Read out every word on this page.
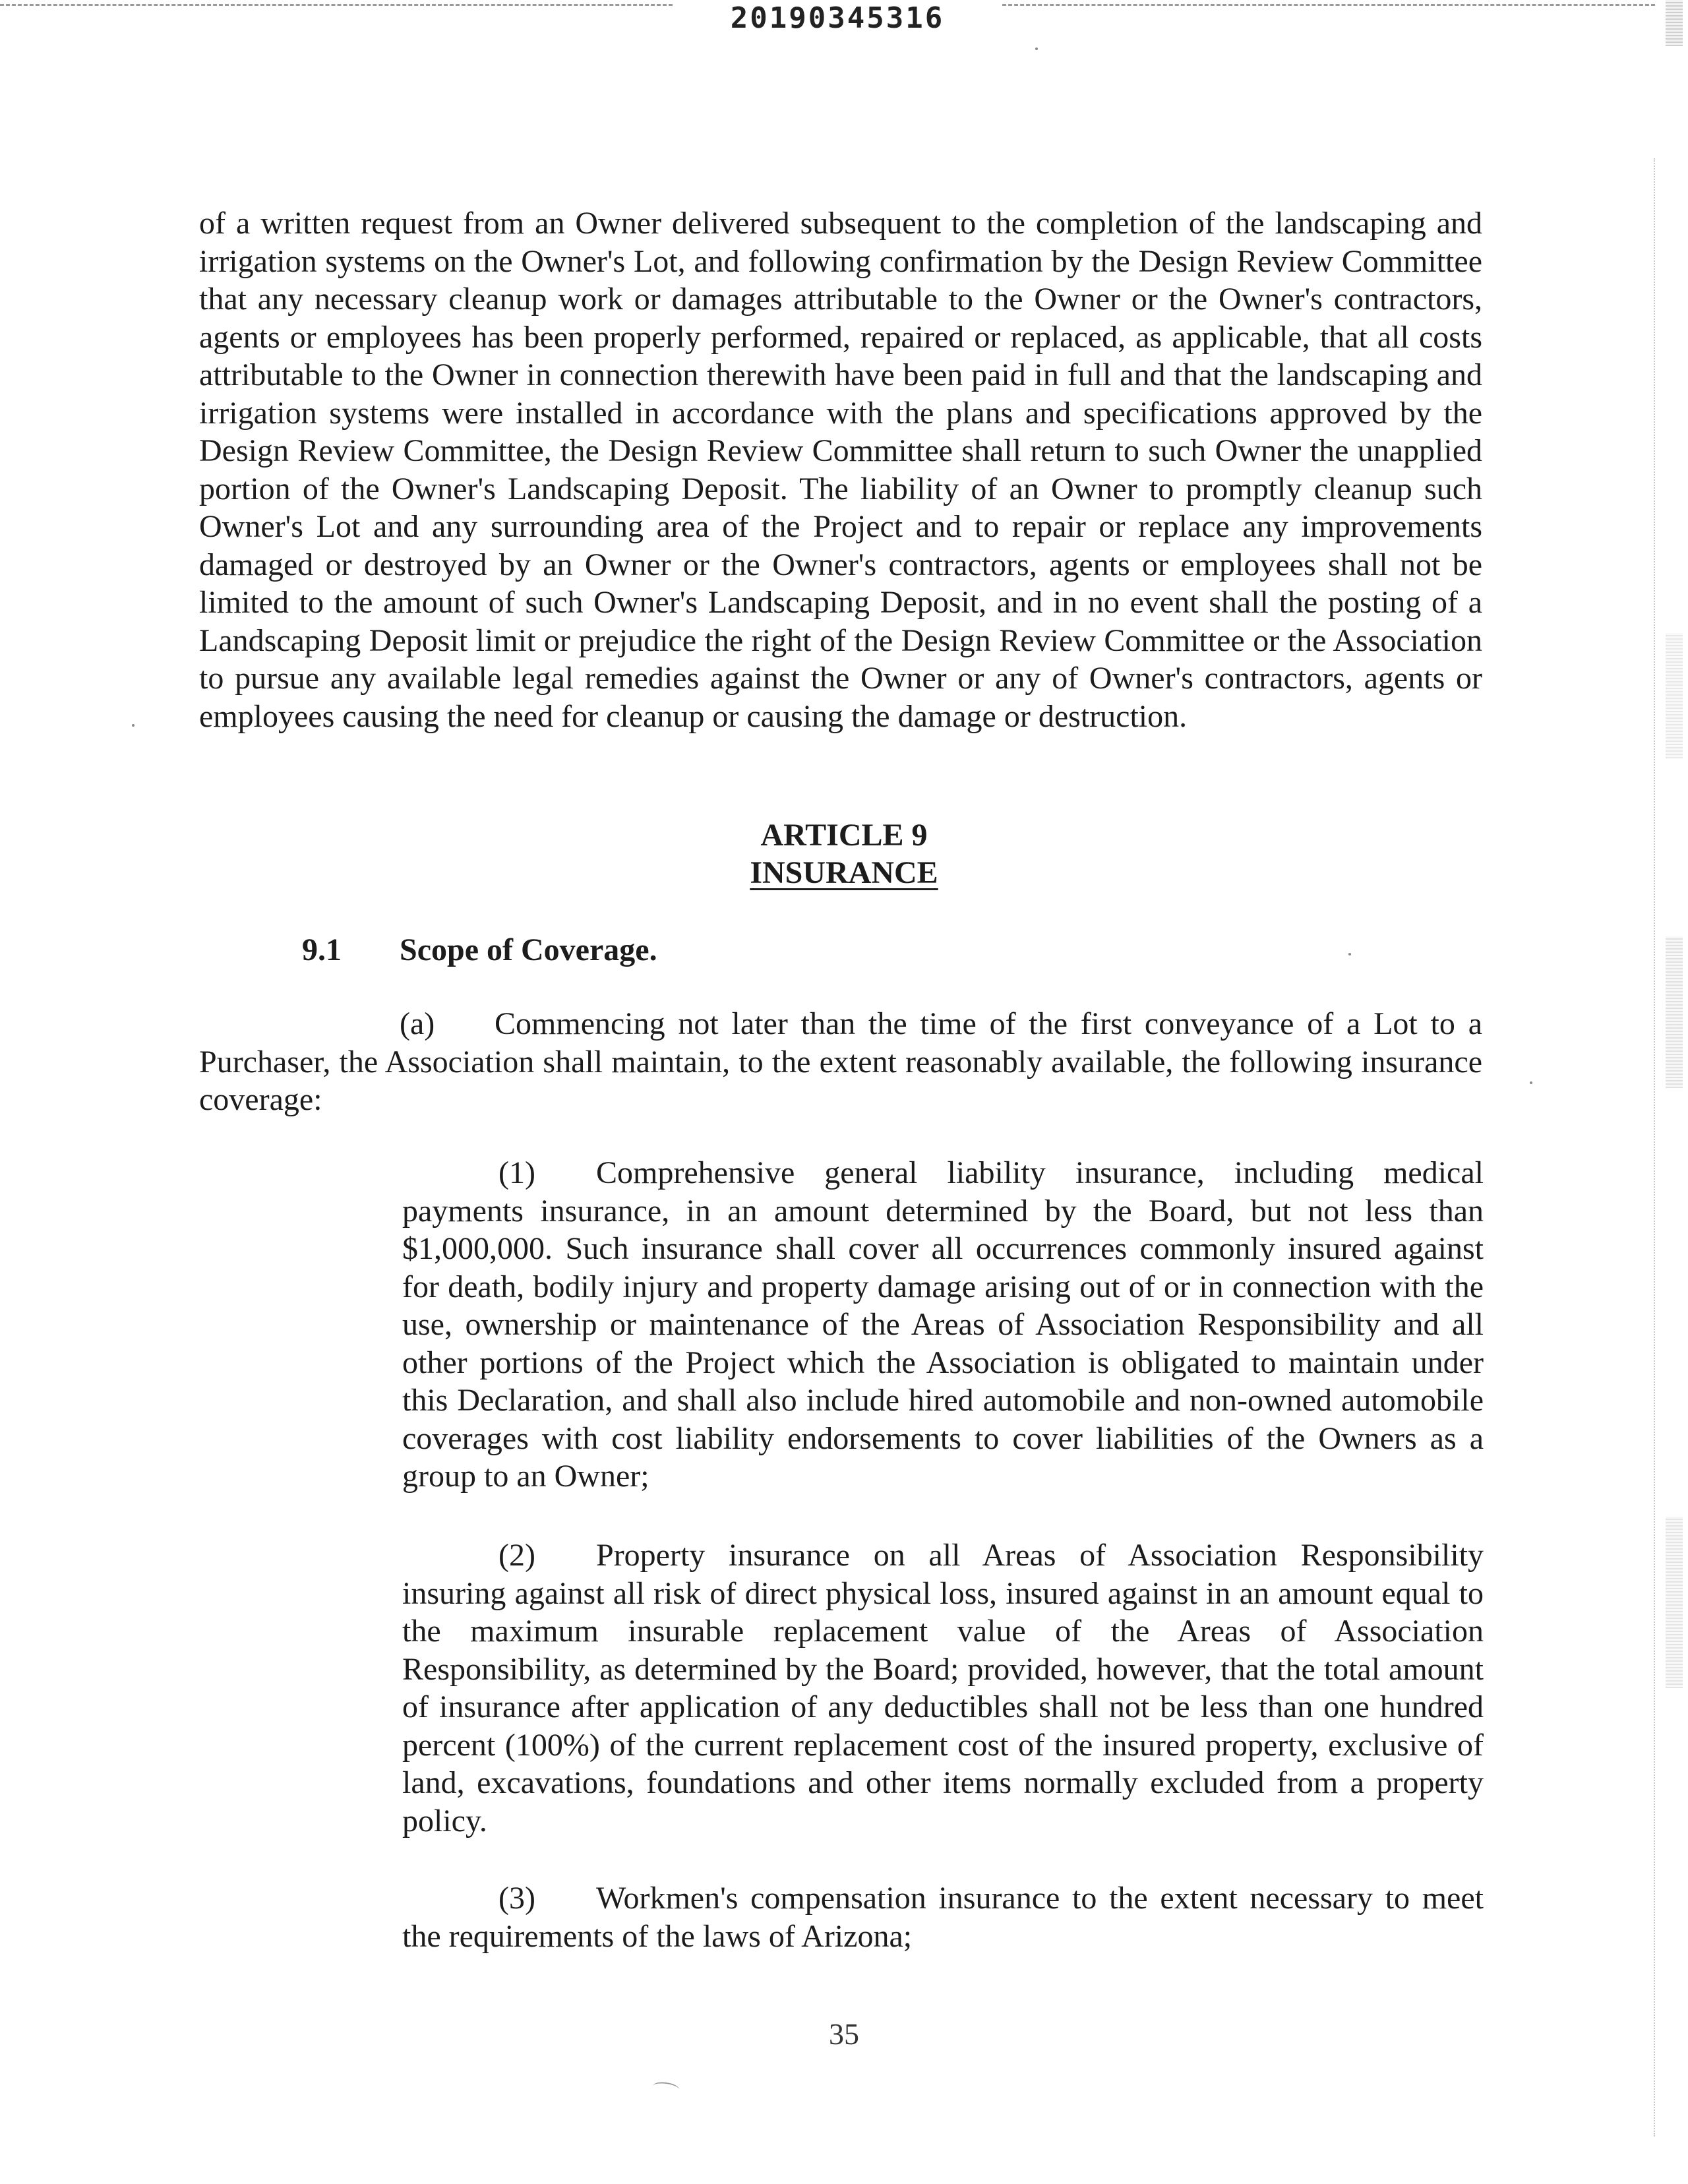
20190345316

of a written request from an Owner delivered subsequent to the completion of the landscaping and irrigation systems on the Owner's Lot, and following confirmation by the Design Review Committee that any necessary cleanup work or damages attributable to the Owner or the Owner's contractors, agents or employees has been properly performed, repaired or replaced, as applicable, that all costs attributable to the Owner in connection therewith have been paid in full and that the landscaping and irrigation systems were installed in accordance with the plans and specifications approved by the Design Review Committee, the Design Review Committee shall return to such Owner the unapplied portion of the Owner's Landscaping Deposit. The liability of an Owner to promptly cleanup such Owner's Lot and any surrounding area of the Project and to repair or replace any improvements damaged or destroyed by an Owner or the Owner's contractors, agents or employees shall not be limited to the amount of such Owner's Landscaping Deposit, and in no event shall the posting of a Landscaping Deposit limit or prejudice the right of the Design Review Committee or the Association to pursue any available legal remedies against the Owner or any of Owner's contractors, agents or employees causing the need for cleanup or causing the damage or destruction.

ARTICLE 9
INSURANCE
9.1 Scope of Coverage.

(a) Commencing not later than the time of the first conveyance of a Lot to a Purchaser, the Association shall maintain, to the extent reasonably available, the following insurance coverage:

(1) Comprehensive general liability insurance, including medical payments insurance, in an amount determined by the Board, but not less than $1,000,000. Such insurance shall cover all occurrences commonly insured against for death, bodily injury and property damage arising out of or in connection with the use, ownership or maintenance of the Areas of Association Responsibility and all other portions of the Project which the Association is obligated to maintain under this Declaration, and shall also include hired automobile and non-owned automobile coverages with cost liability endorsements to cover liabilities of the Owners as a group to an Owner;

(2) Property insurance on all Areas of Association Responsibility insuring against all risk of direct physical loss, insured against in an amount equal to the maximum insurable replacement value of the Areas of Association Responsibility, as determined by the Board; provided, however, that the total amount of insurance after application of any deductibles shall not be less than one hundred percent (100%) of the current replacement cost of the insured property, exclusive of land, excavations, foundations and other items normally excluded from a property policy.

(3) Workmen's compensation insurance to the extent necessary to meet the requirements of the laws of Arizona;

35
